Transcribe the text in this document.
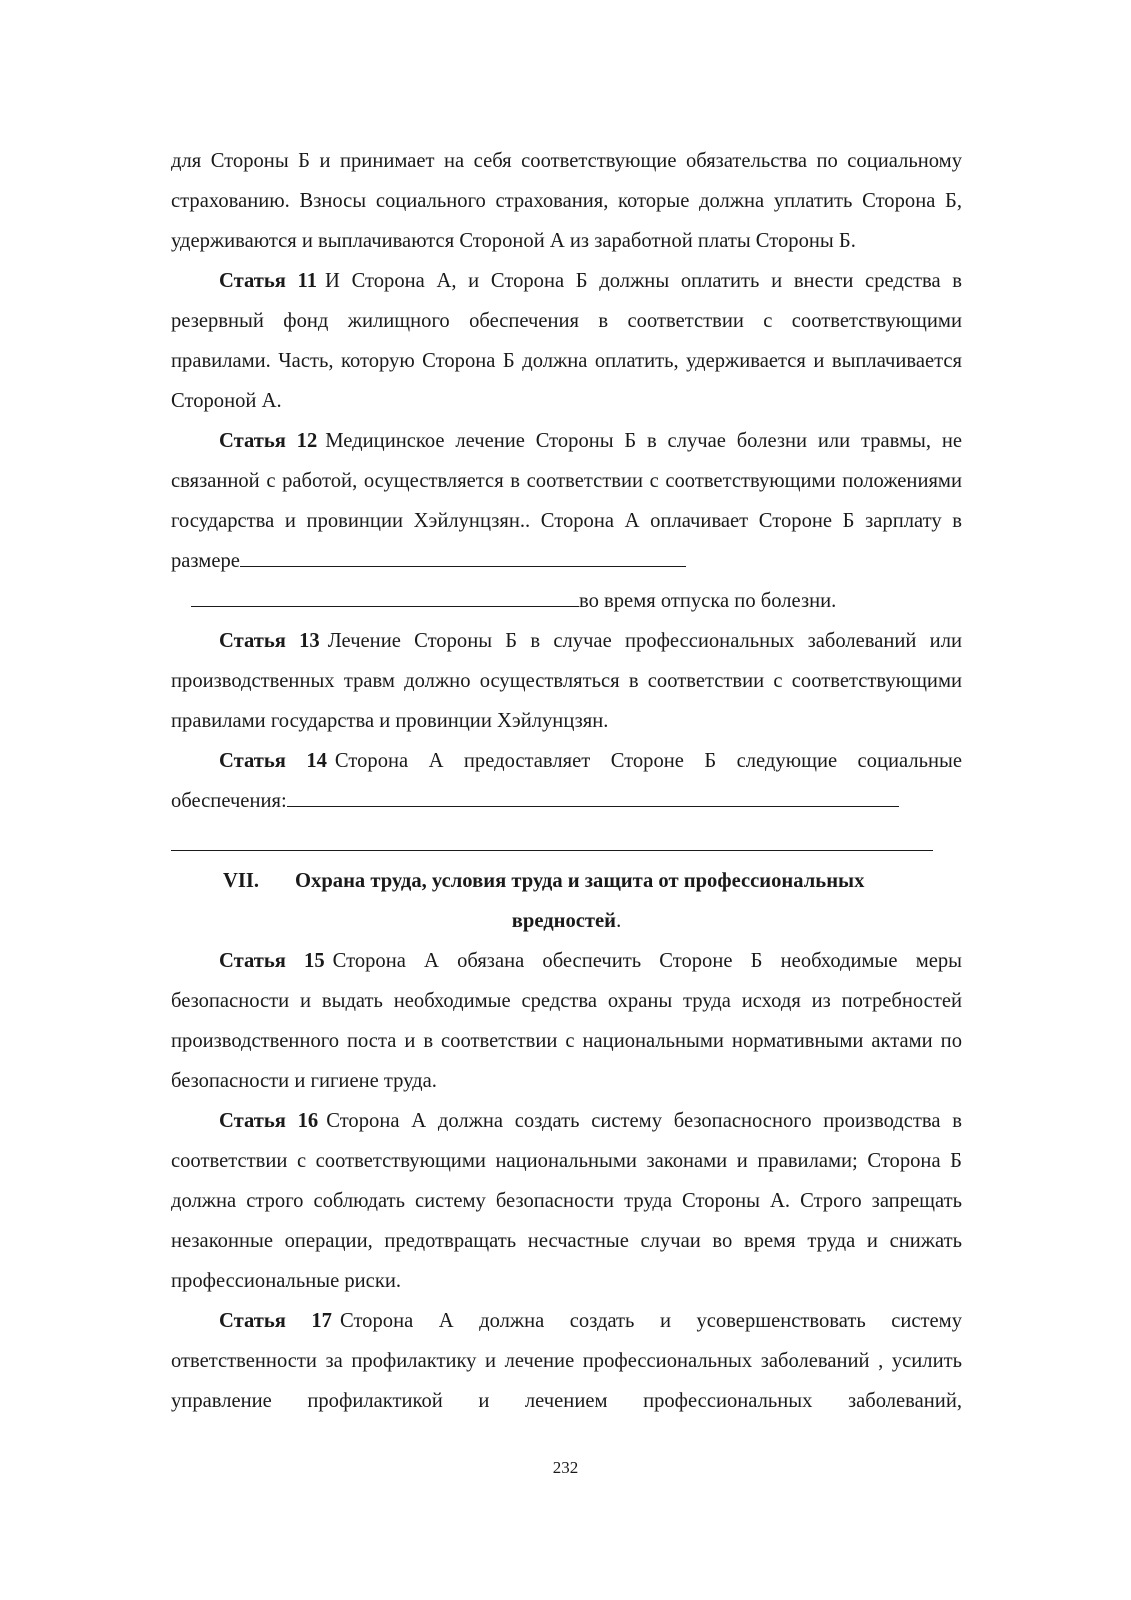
для Стороны Б и принимает на себя соответствующие обязательства по социальному страхованию. Взносы социального страхования, которые должна уплатить Сторона Б, удерживаются и выплачиваются Стороной А из заработной платы Стороны Б.

Статья 11 И Сторона А, и Сторона Б должны оплатить и внести средства в резервный фонд жилищного обеспечения в соответствии с соответствующими правилами. Часть, которую Сторона Б должна оплатить, удерживается и выплачивается Стороной А.

Статья 12 Медицинское лечение Стороны Б в случае болезни или травмы, не связанной с работой, осуществляется в соответствии с соответствующими положениями государства и провинции Хэйлунцзян.. Сторона А оплачивает Стороне Б зарплату в размере

во время отпуска по болезни.

Статья 13 Лечение Стороны Б в случае профессиональных заболеваний или производственных травм должно осуществляться в соответствии с соответствующими правилами государства и провинции Хэйлунцзян.

Статья 14 Сторона А предоставляет Стороне Б следующие социальные обеспечения:

VII. Охрана труда, условия труда и защита от профессиональных
вредностей.

Статья 15 Сторона А обязана обеспечить Стороне Б необходимые меры безопасности и выдать необходимые средства охраны труда исходя из потребностей производственного поста и в соответствии с национальными нормативными актами по безопасности и гигиене труда.

Статья 16 Сторона А должна создать систему безопасносного производства в соответствии с соответствующими национальными законами и правилами; Сторона Б должна строго соблюдать систему безопасности труда Стороны А. Строго запрещать незаконные операции, предотвращать несчастные случаи во время труда и снижать профессиональные риски.

Статья 17 Сторона А должна создать и усовершенствовать систему ответственности за профилактику и лечение профессиональных заболеваний , усилить управление профилактикой и лечением профессиональных заболеваний,

232
